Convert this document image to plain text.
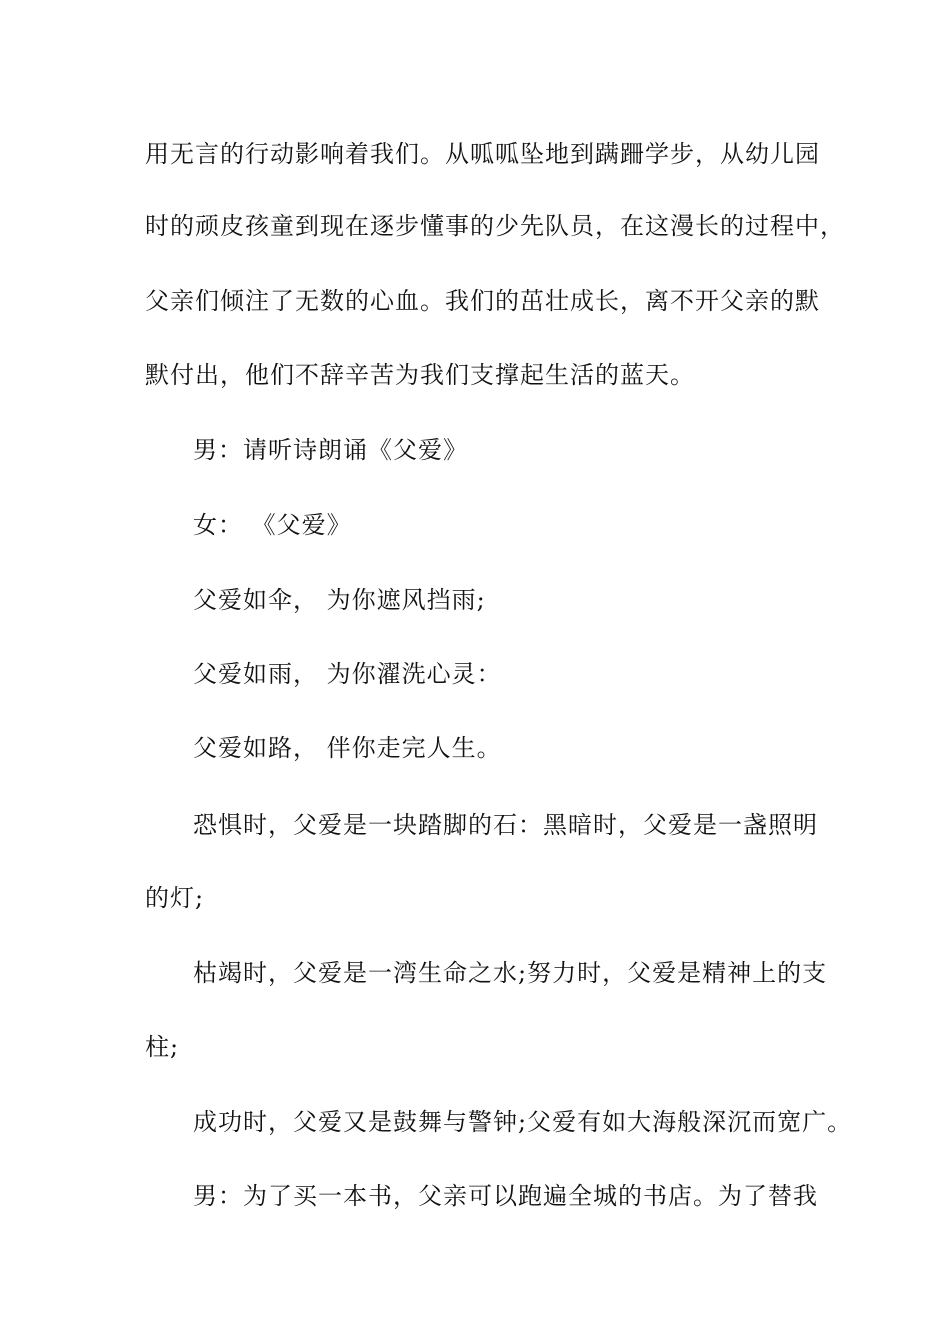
用无言的行动影响着我们。从呱呱坠地到蹒跚学步，从幼儿园
时的顽皮孩童到现在逐步懂事的少先队员，在这漫长的过程中，
父亲们倾注了无数的心血。我们的茁壮成长，离不开父亲的默
默付出，他们不辞辛苦为我们支撑起生活的蓝天。
男：请听诗朗诵《父爱》
女： 《父爱》
父爱如伞， 为你遮风挡雨;
父爱如雨， 为你濯洗心灵：
父爱如路， 伴你走完人生。
恐惧时，父爱是一块踏脚的石：黑暗时，父爱是一盏照明
的灯;
枯竭时，父爱是一湾生命之水;努力时，父爱是精神上的支
柱;
成功时，父爱又是鼓舞与警钟;父爱有如大海般深沉而宽广。
男：为了买一本书，父亲可以跑遍全城的书店。为了替我
